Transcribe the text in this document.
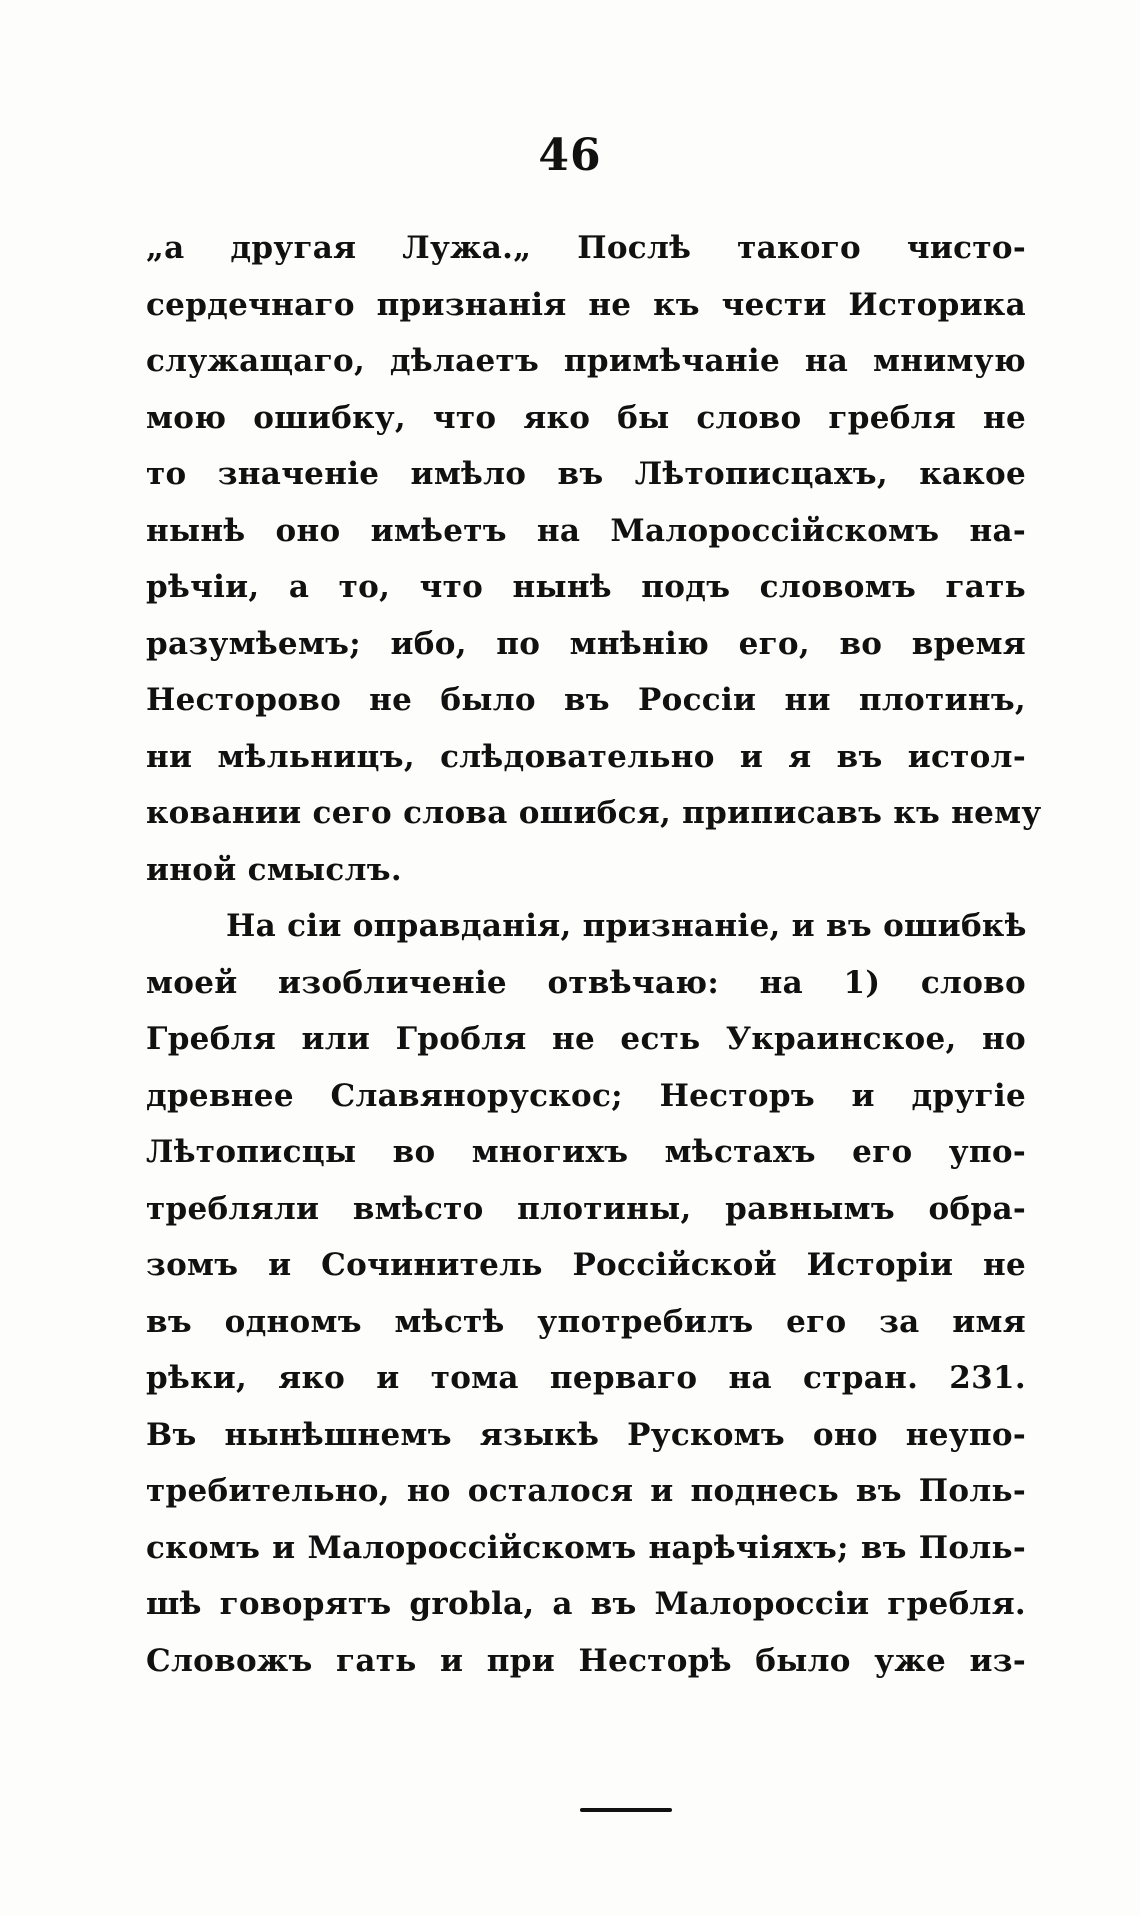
46
„а другая Лужа.„ Послѣ такого чисто-
сердечнаго признанія не къ чести Историка
служащаго, дѣлаетъ примѣчаніе на мнимую
мою ошибку, что яко бы слово гребля не
то значеніе имѣло въ Лѣтописцахъ, какое
нынѣ оно имѣетъ на Малороссійскомъ на-
рѣчіи, а то, что нынѣ подъ словомъ гать
разумѣемъ; ибо, по мнѣнію его, во время
Несторово не было въ Россіи ни плотинъ,
ни мѣльницъ, слѣдовательно и я въ истол-
ковании сего слова ошибся, приписавъ къ нему
иной смыслъ.
На сіи оправданія, признаніе, и въ ошибкѣ
моей изобличеніе отвѣчаю: на 1) слово
Гребля или Гробля не есть Украинское, но
древнее Славянорускос; Несторъ и другіе
Лѣтописцы во многихъ мѣстахъ его упо-
требляли вмѣсто плотины, равнымъ обра-
зомъ и Сочинитель Россійской Исторіи не
въ одномъ мѣстѣ употребилъ его за имя
рѣки, яко и тома перваго на стран. 231.
Въ нынѣшнемъ языкѣ Рускомъ оно неупо-
требительно, но осталося и поднесь въ Поль-
скомъ и Малороссійскомъ нарѣчіяхъ; въ Поль-
шѣ говорятъ grobla, а въ Малороссіи гребля.
Словожъ гать и при Несторѣ было уже из-
